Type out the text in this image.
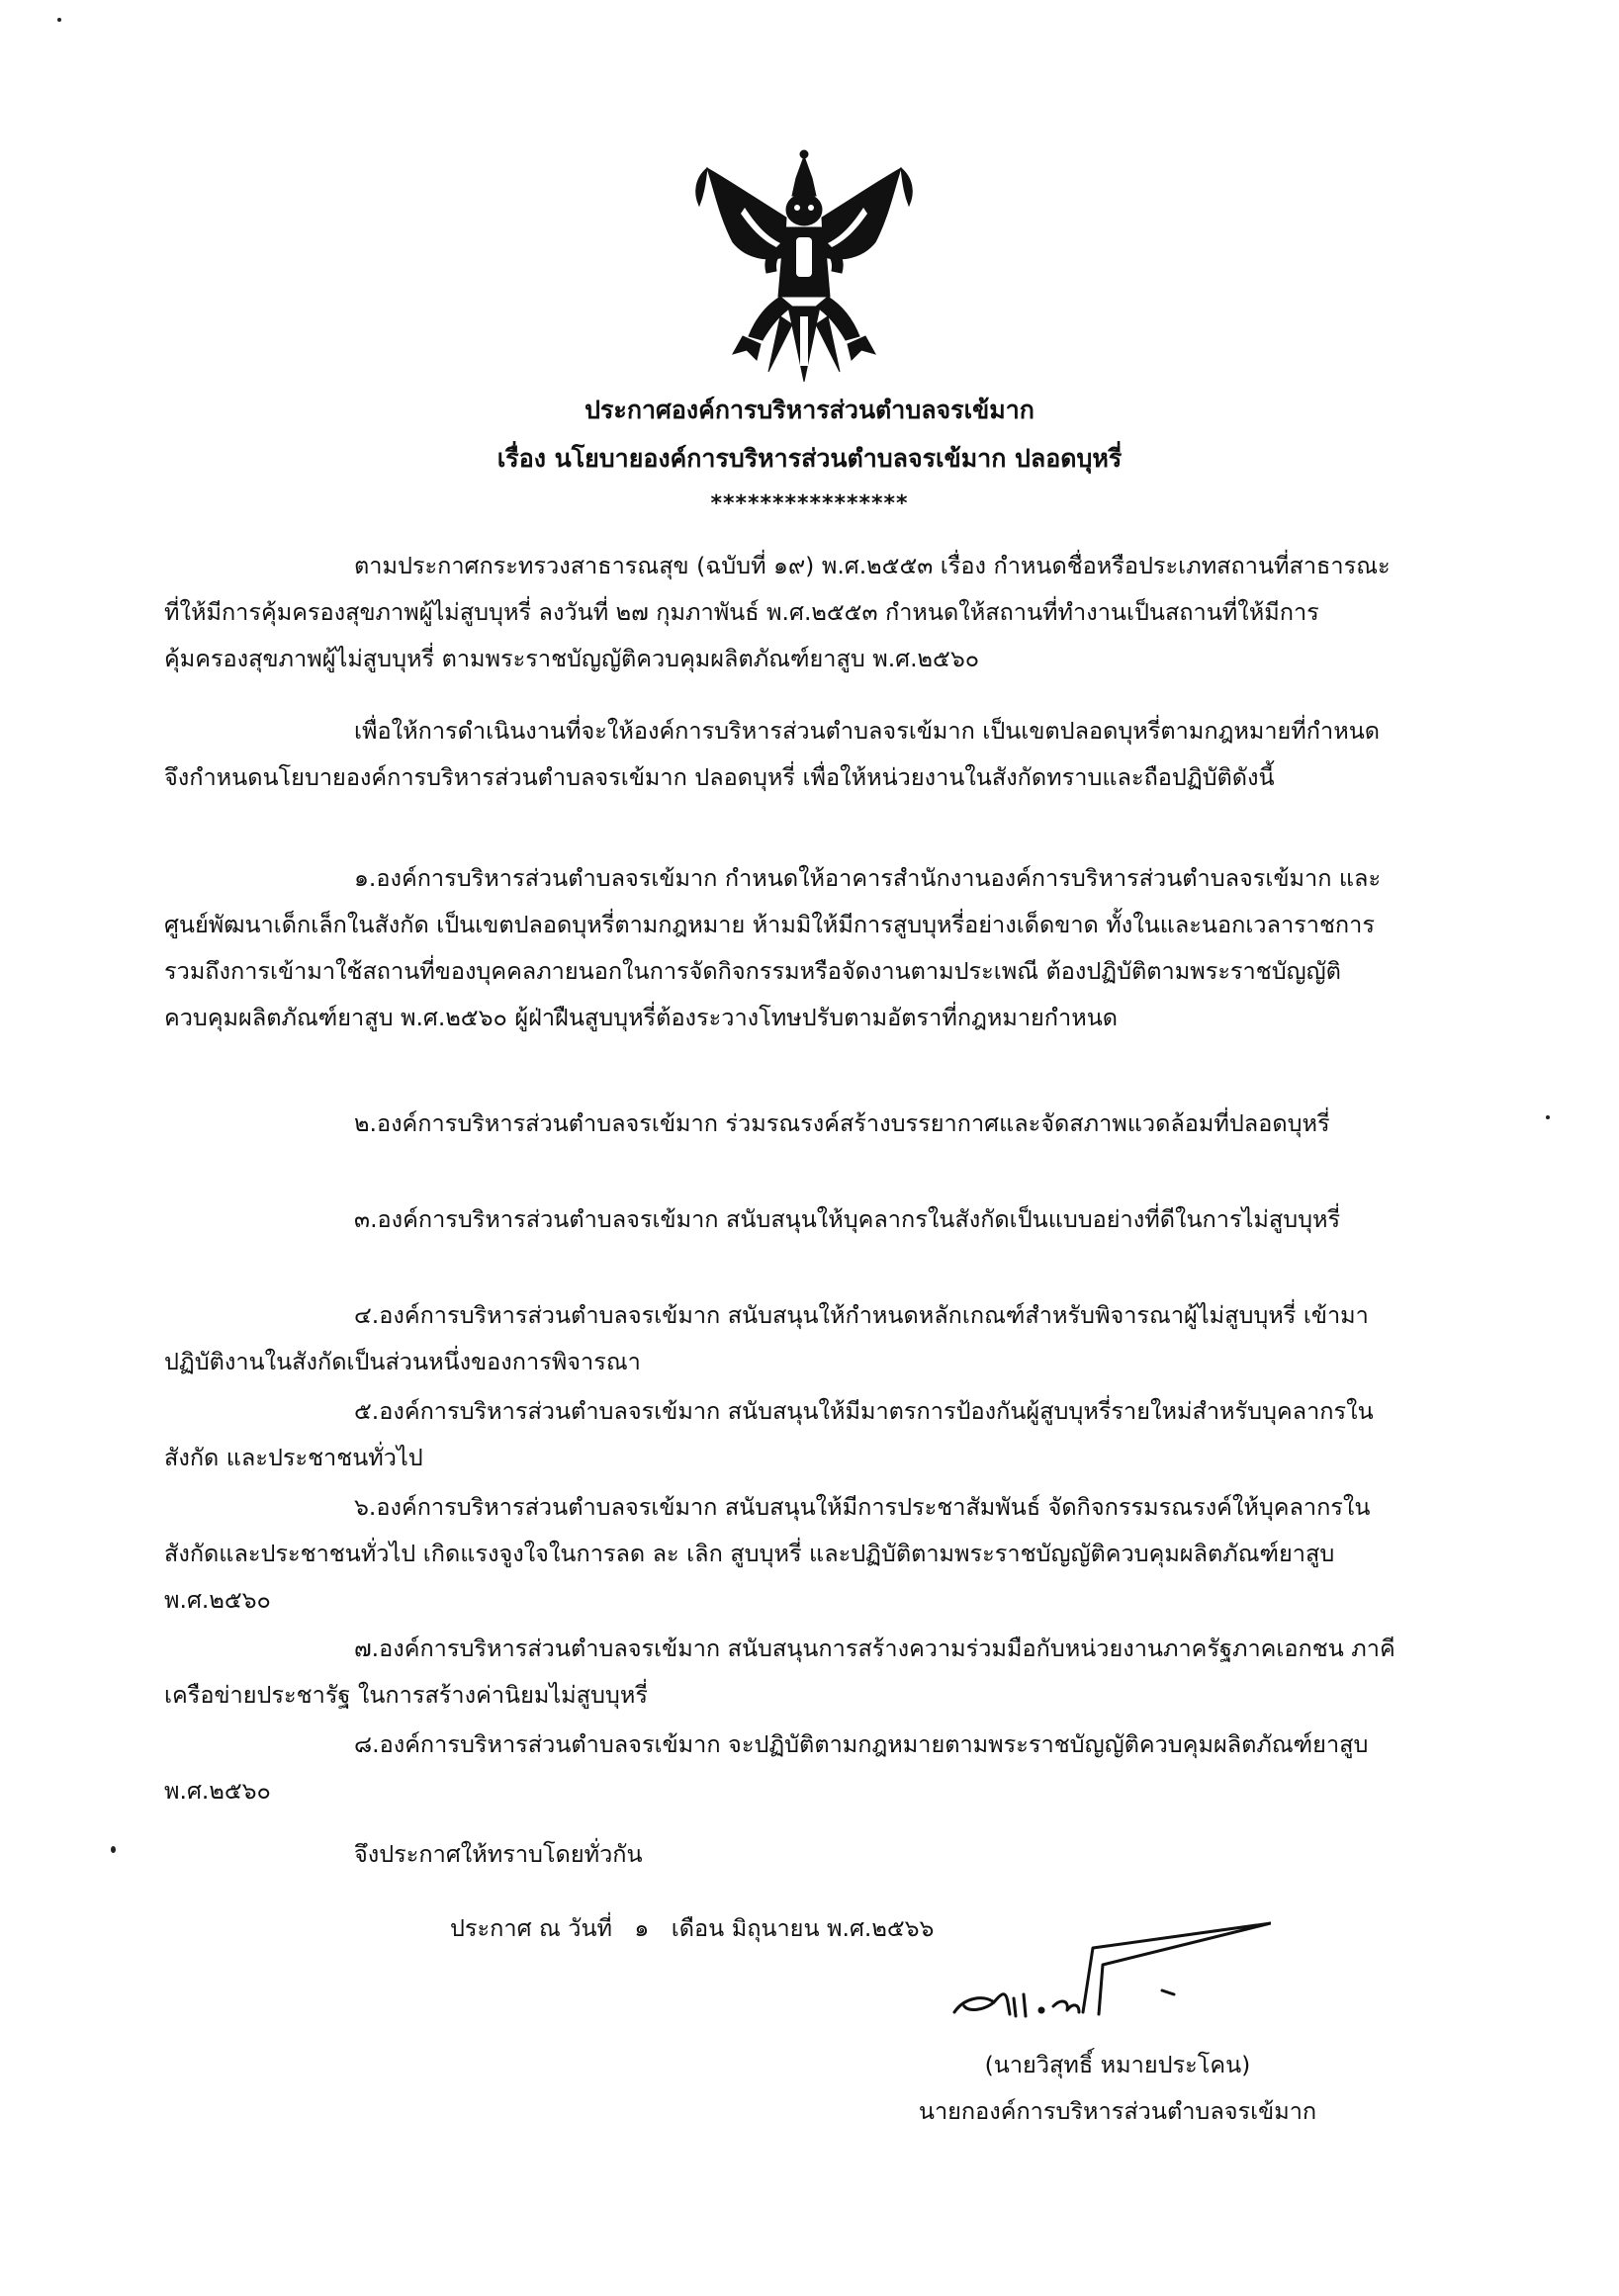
ประกาศองค์การบริหารส่วนตำบลจรเข้มาก
เรื่อง นโยบายองค์การบริหารส่วนตำบลจรเข้มาก ปลอดบุหรี่
****************

ตามประกาศกระทรวงสาธารณสุข (ฉบับที่ ๑๙) พ.ศ.๒๕๕๓ เรื่อง กำหนดชื่อหรือประเภทสถานที่สาธารณะที่ให้มีการคุ้มครองสุขภาพผู้ไม่สูบบุหรี่ ลงวันที่ ๒๗ กุมภาพันธ์ พ.ศ.๒๕๕๓ กำหนดให้สถานที่ทำงานเป็นสถานที่ให้มีการคุ้มครองสุขภาพผู้ไม่สูบบุหรี่ ตามพระราชบัญญัติควบคุมผลิตภัณฑ์ยาสูบ พ.ศ.๒๕๖๐

เพื่อให้การดำเนินงานที่จะให้องค์การบริหารส่วนตำบลจรเข้มาก เป็นเขตปลอดบุหรี่ตามกฎหมายที่กำหนด จึงกำหนดนโยบายองค์การบริหารส่วนตำบลจรเข้มาก ปลอดบุหรี่ เพื่อให้หน่วยงานในสังกัดทราบและถือปฏิบัติดังนี้

๑.องค์การบริหารส่วนตำบลจรเข้มาก กำหนดให้อาคารสำนักงานองค์การบริหารส่วนตำบลจรเข้มาก และศูนย์พัฒนาเด็กเล็กในสังกัด เป็นเขตปลอดบุหรี่ตามกฎหมาย ห้ามมิให้มีการสูบบุหรี่อย่างเด็ดขาด ทั้งในและนอกเวลาราชการ รวมถึงการเข้ามาใช้สถานที่ของบุคคลภายนอกในการจัดกิจกรรมหรือจัดงานตามประเพณี ต้องปฏิบัติตามพระราชบัญญัติควบคุมผลิตภัณฑ์ยาสูบ พ.ศ.๒๕๖๐ ผู้ฝ่าฝืนสูบบุหรี่ต้องระวางโทษปรับตามอัตราที่กฎหมายกำหนด

๒.องค์การบริหารส่วนตำบลจรเข้มาก ร่วมรณรงค์สร้างบรรยากาศและจัดสภาพแวดล้อมที่ปลอดบุหรี่

๓.องค์การบริหารส่วนตำบลจรเข้มาก สนับสนุนให้บุคลากรในสังกัดเป็นแบบอย่างที่ดีในการไม่สูบบุหรี่

๔.องค์การบริหารส่วนตำบลจรเข้มาก สนับสนุนให้กำหนดหลักเกณฑ์สำหรับพิจารณาผู้ไม่สูบบุหรี่ เข้ามาปฏิบัติงานในสังกัดเป็นส่วนหนึ่งของการพิจารณา

๕.องค์การบริหารส่วนตำบลจรเข้มาก สนับสนุนให้มีมาตรการป้องกันผู้สูบบุหรี่รายใหม่สำหรับบุคลากรในสังกัด และประชาชนทั่วไป

๖.องค์การบริหารส่วนตำบลจรเข้มาก สนับสนุนให้มีการประชาสัมพันธ์ จัดกิจกรรมรณรงค์ให้บุคลากรในสังกัดและประชาชนทั่วไป เกิดแรงจูงใจในการลด ละ เลิก สูบบุหรี่ และปฏิบัติตามพระราชบัญญัติควบคุมผลิตภัณฑ์ยาสูบ พ.ศ.๒๕๖๐

๗.องค์การบริหารส่วนตำบลจรเข้มาก สนับสนุนการสร้างความร่วมมือกับหน่วยงานภาครัฐภาคเอกชน ภาคีเครือข่ายประชารัฐ ในการสร้างค่านิยมไม่สูบบุหรี่

๘.องค์การบริหารส่วนตำบลจรเข้มาก จะปฏิบัติตามกฎหมายตามพระราชบัญญัติควบคุมผลิตภัณฑ์ยาสูบ พ.ศ.๒๕๖๐

จึงประกาศให้ทราบโดยทั่วกัน

ประกาศ ณ วันที่ ๑ เดือน มิถุนายน พ.ศ.๒๕๖๖
(นายวิสุทธิ์ หมายประโคน)
นายกองค์การบริหารส่วนตำบลจรเข้มาก
